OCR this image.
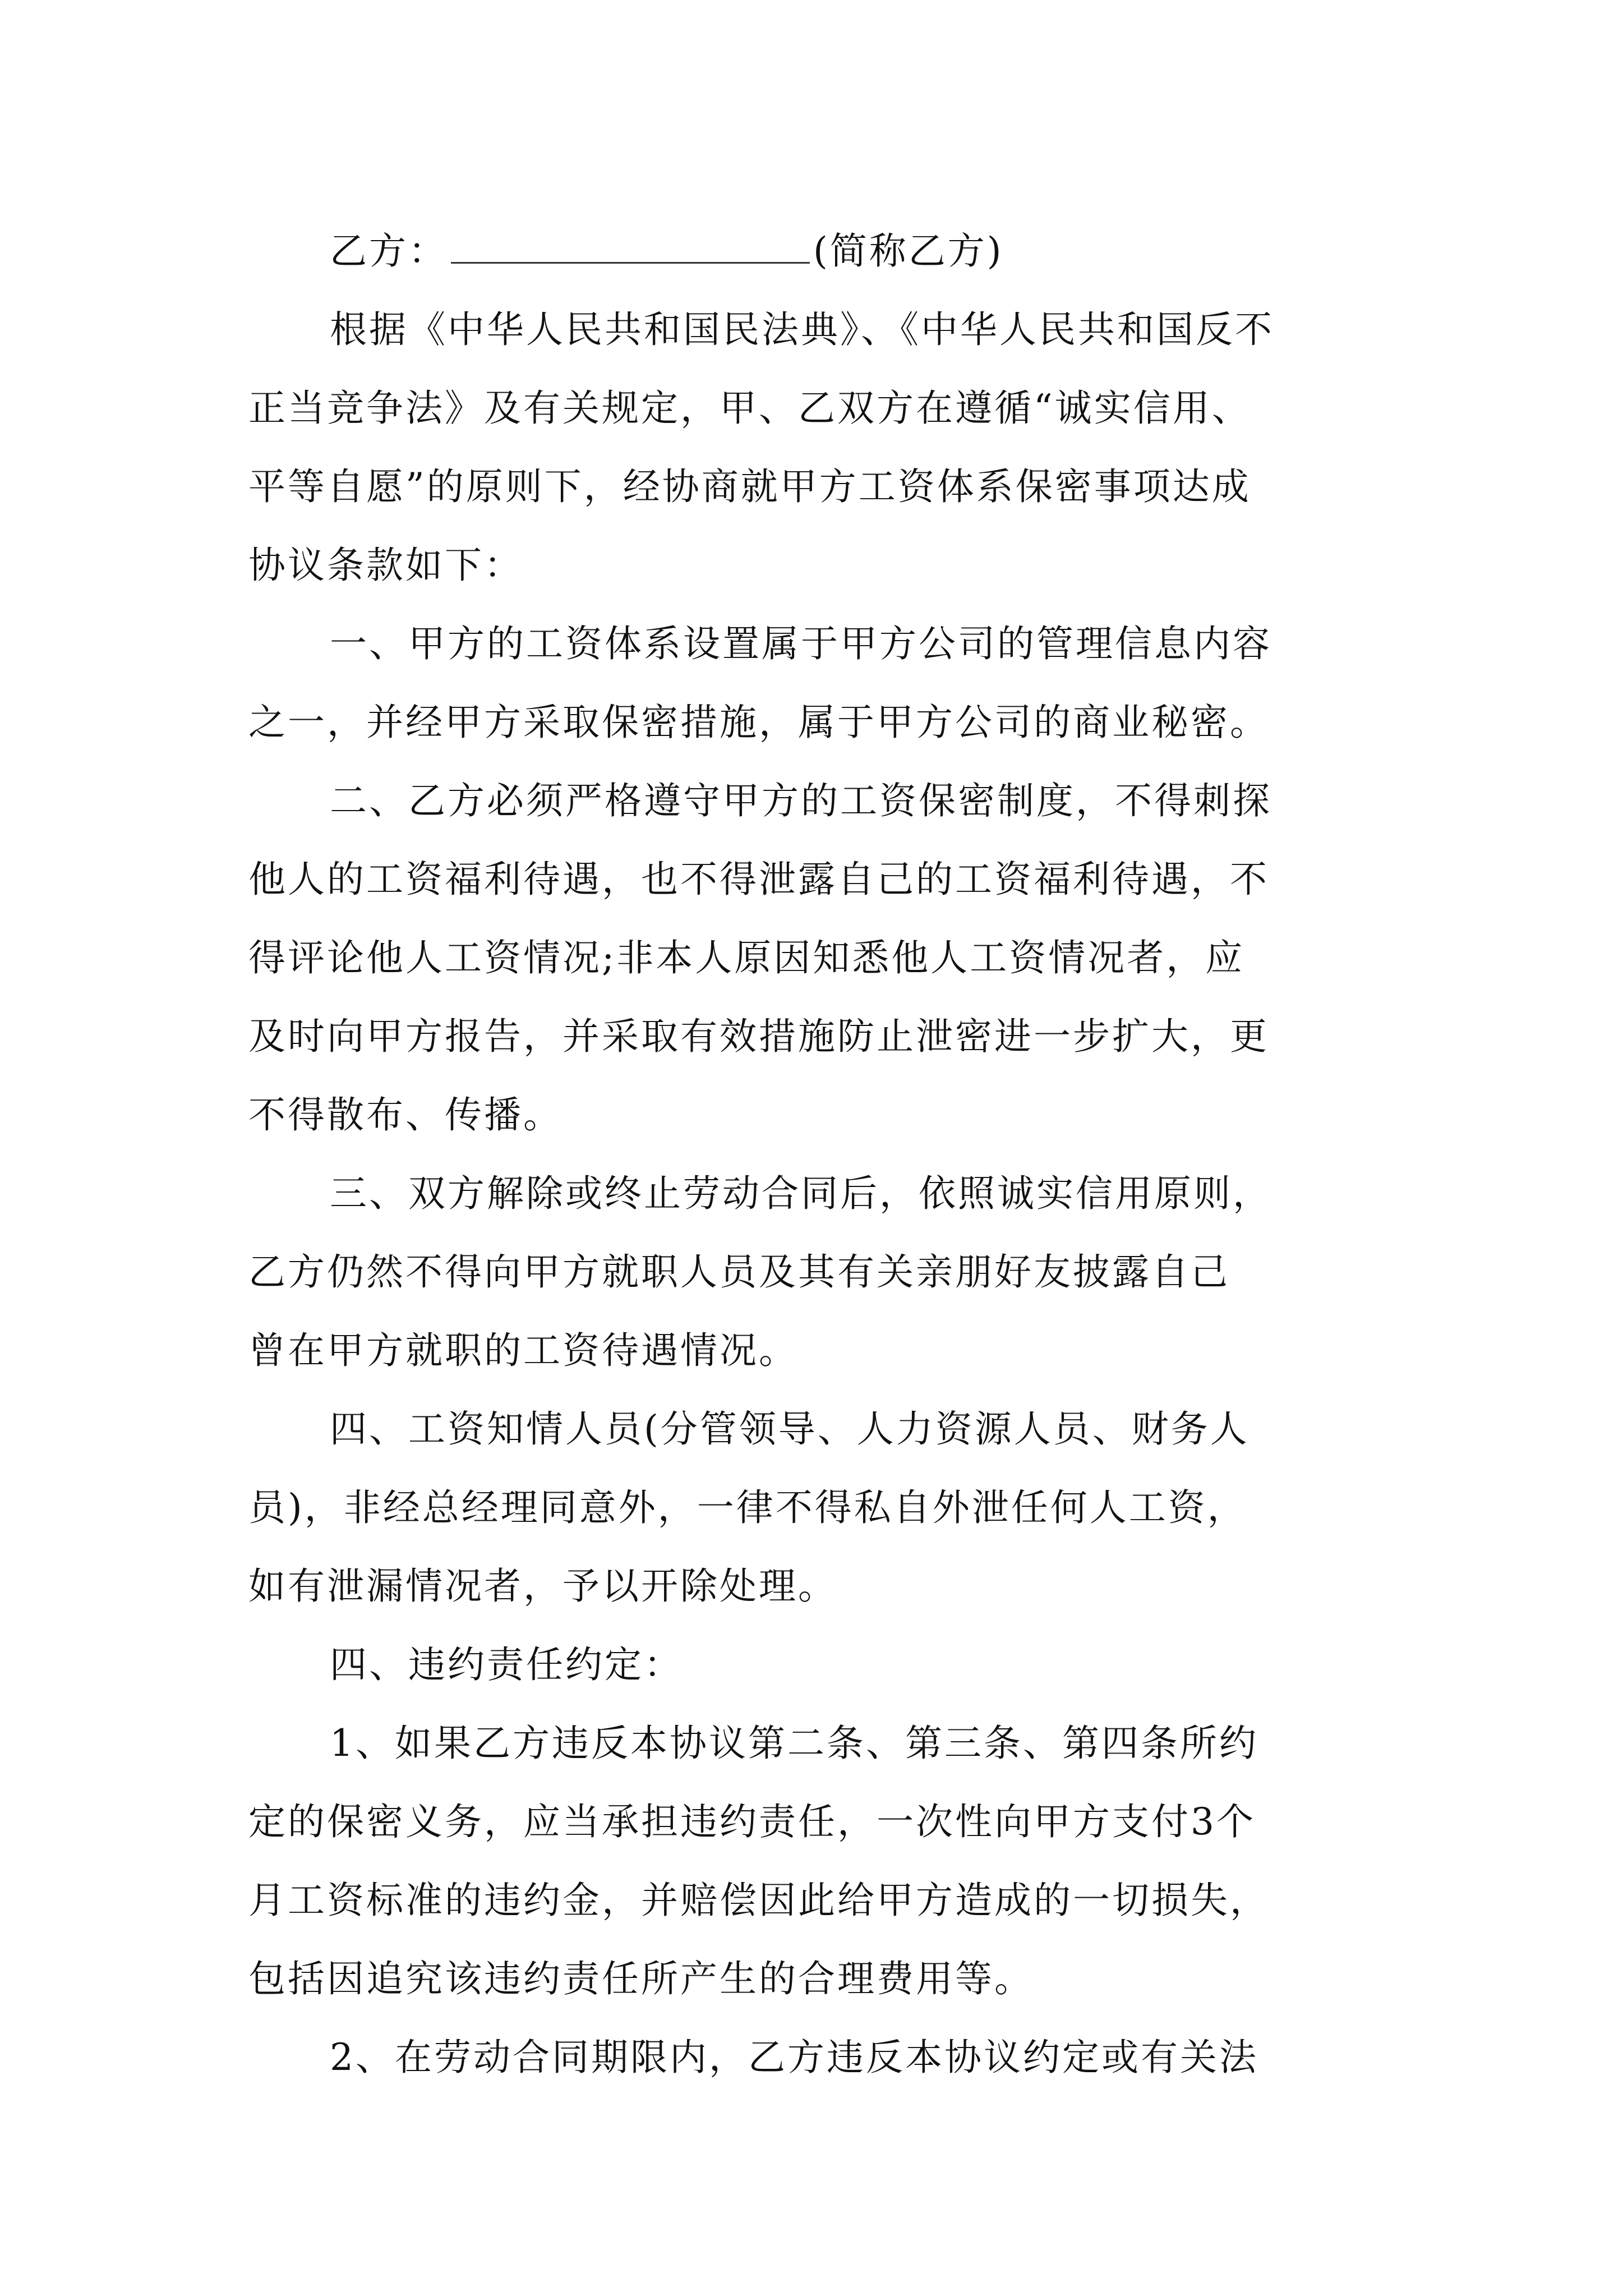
乙方：	(简称乙方)
根据《中华人民共和国民法典》、《中华人民共和国反不
正当竞争法》及有关规定，甲、乙双方在遵循“诚实信用、
平等自愿”的原则下，经协商就甲方工资体系保密事项达成
协议条款如下：
一、甲方的工资体系设置属于甲方公司的管理信息内容
之一，并经甲方采取保密措施，属于甲方公司的商业秘密。
二、乙方必须严格遵守甲方的工资保密制度，不得刺探
他人的工资福利待遇，也不得泄露自己的工资福利待遇，不
得评论他人工资情况;非本人原因知悉他人工资情况者，应
及时向甲方报告，并采取有效措施防止泄密进一步扩大，更
不得散布、传播。
三、双方解除或终止劳动合同后，依照诚实信用原则，
乙方仍然不得向甲方就职人员及其有关亲朋好友披露自己
曾在甲方就职的工资待遇情况。
四、工资知情人员(分管领导、人力资源人员、财务人
员)，非经总经理同意外，一律不得私自外泄任何人工资，
如有泄漏情况者，予以开除处理。
四、违约责任约定：
1、如果乙方违反本协议第二条、第三条、第四条所约
定的保密义务，应当承担违约责任，一次性向甲方支付3个
月工资标准的违约金，并赔偿因此给甲方造成的一切损失，
包括因追究该违约责任所产生的合理费用等。
2、在劳动合同期限内，乙方违反本协议约定或有关法
